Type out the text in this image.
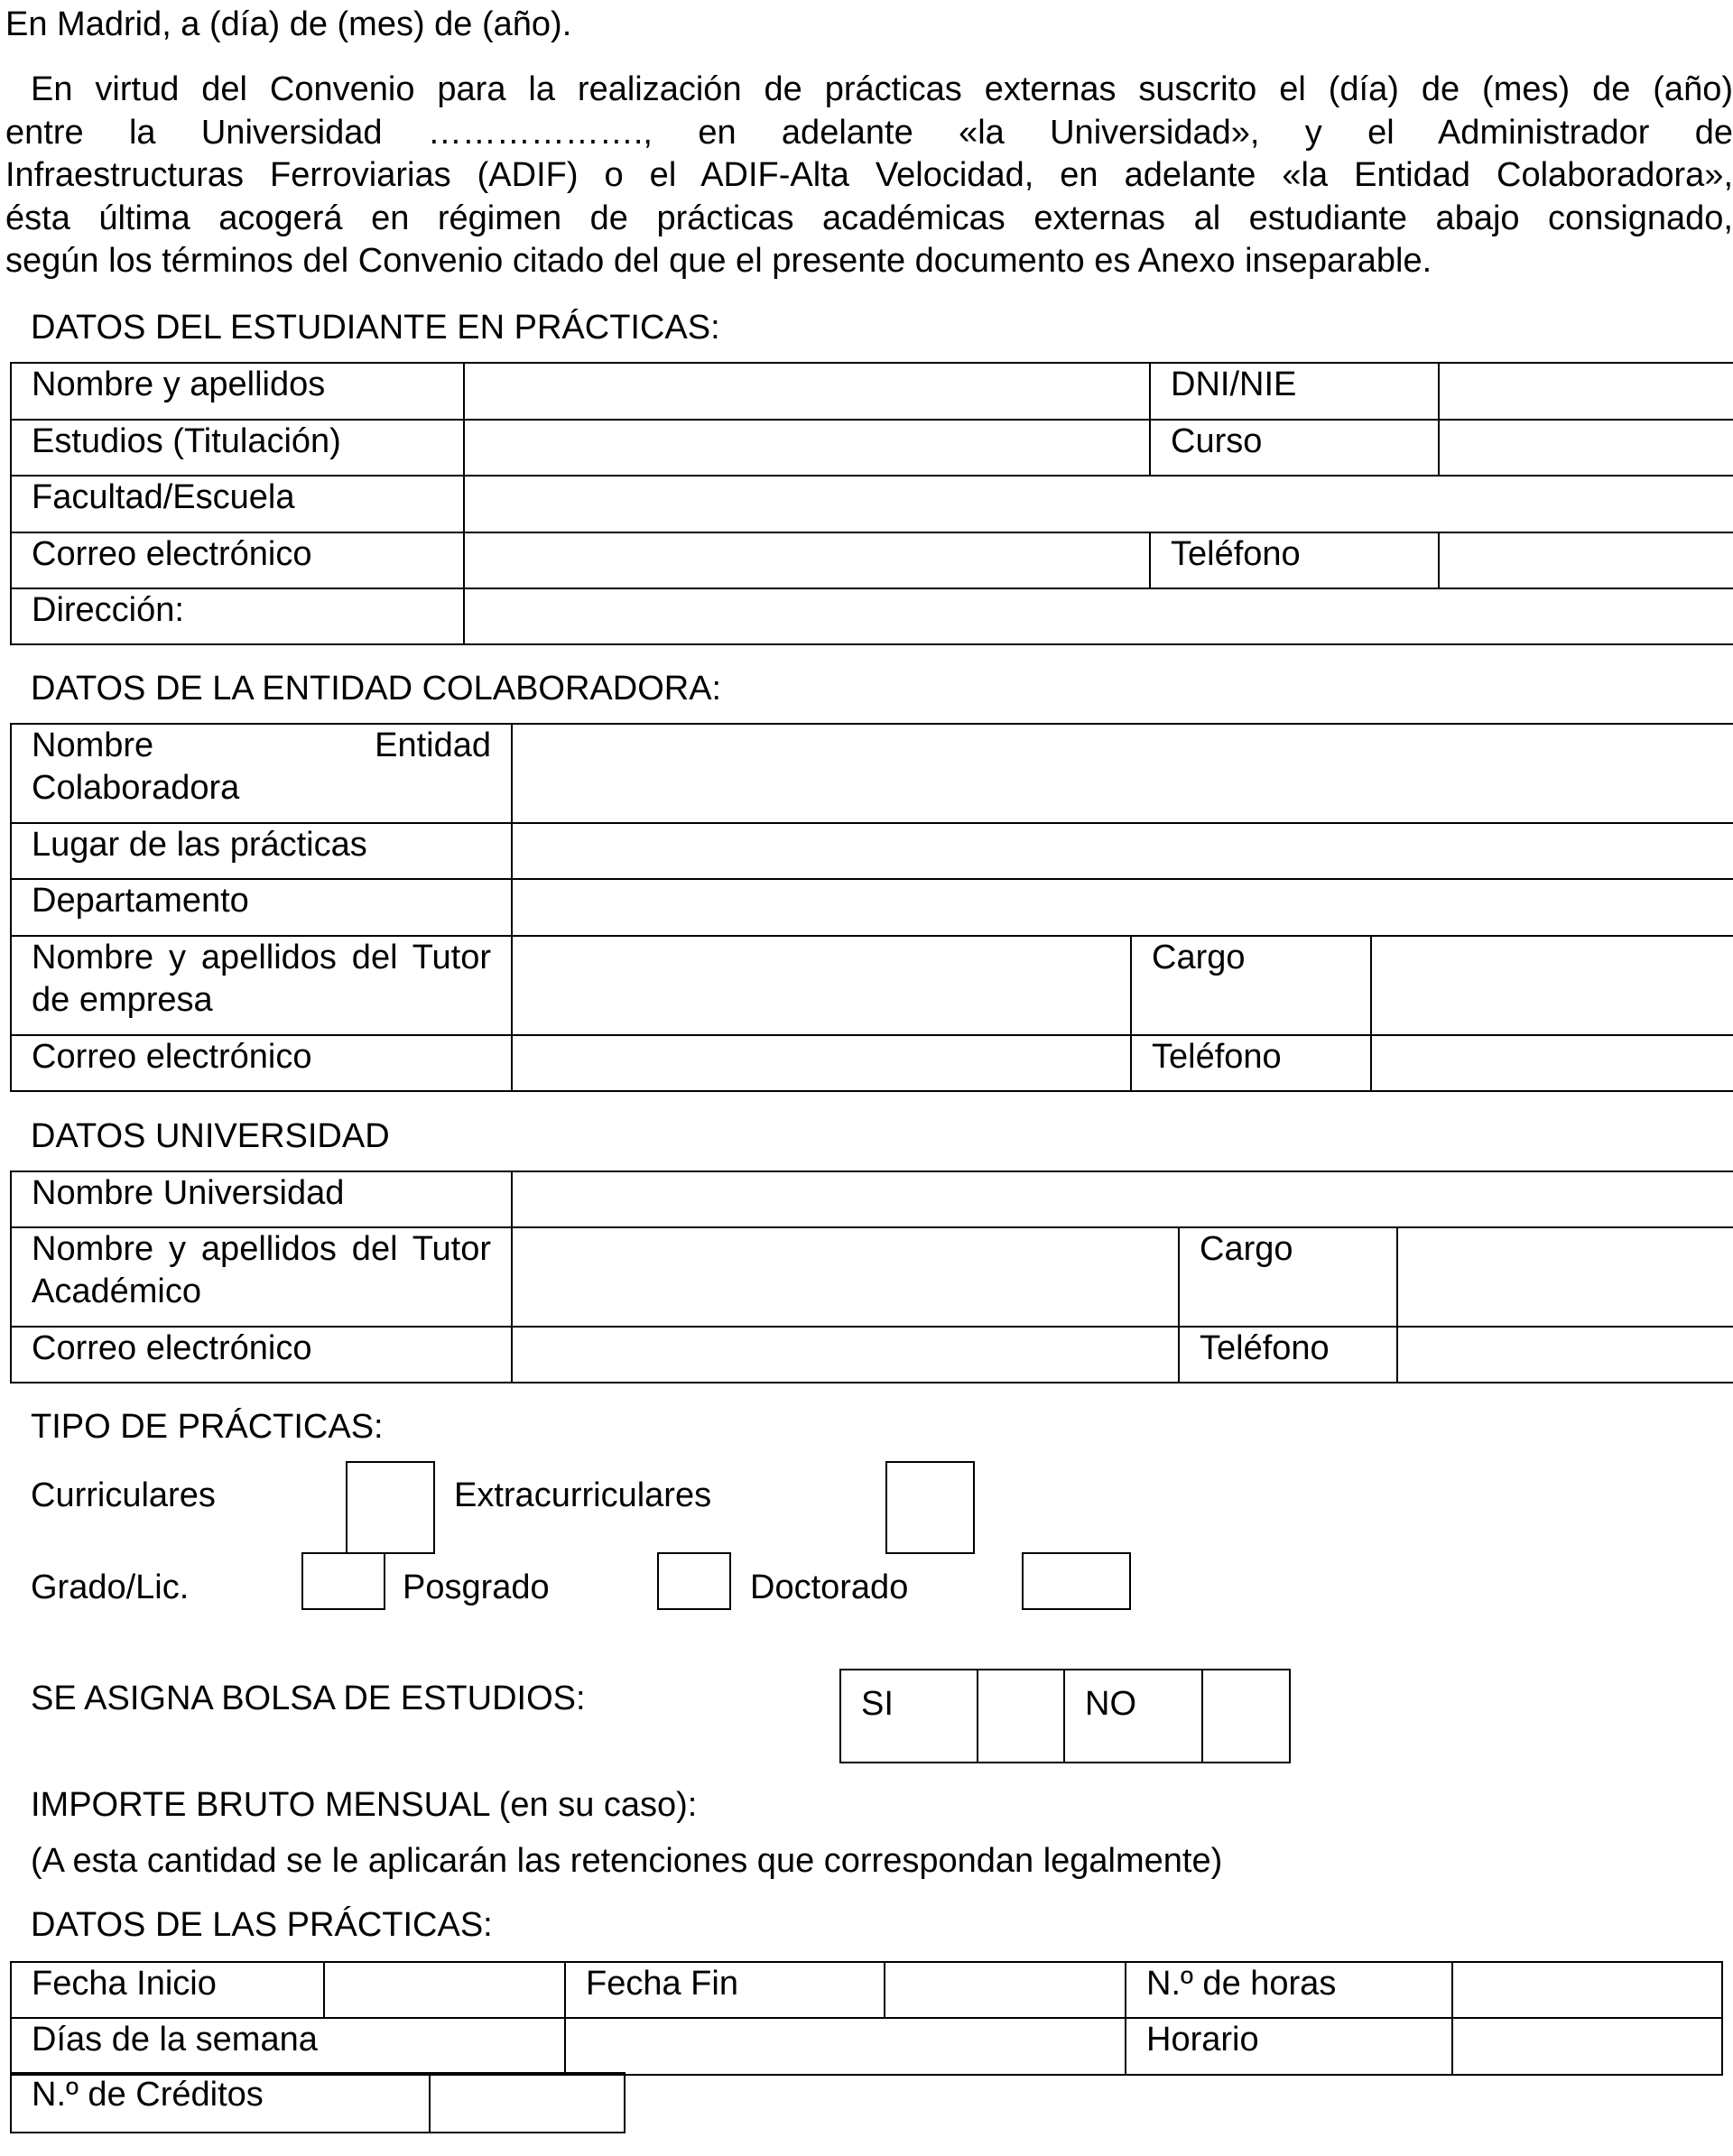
En Madrid, a (día) de (mes) de (año).
En virtud del Convenio para la realización de prácticas externas suscrito el (día) de (mes) de (año)
entre la Universidad ………………., en adelante «la Universidad», y el Administrador de
Infraestructuras Ferroviarias (ADIF) o el ADIF-Alta Velocidad, en adelante «la Entidad Colaboradora»,
ésta última acogerá en régimen de prácticas académicas externas al estudiante abajo consignado,
según los términos del Convenio citado del que el presente documento es Anexo inseparable.
DATOS DEL ESTUDIANTE EN PRÁCTICAS:
Nombre y apellidos		DNI/NIE	
Estudios (Titulación)		Curso	
Facultad/Escuela			
Correo electrónico		Teléfono	
Dirección:			
DATOS DE LA ENTIDAD COLABORADORA:
Nombre Entidad Colaboradora			
Lugar de las prácticas			
Departamento			
Nombre y apellidos del Tutor de empresa		Cargo	
Correo electrónico		Teléfono	
DATOS UNIVERSIDAD
Nombre Universidad			
Nombre y apellidos del Tutor Académico		Cargo	
Correo electrónico		Teléfono	
TIPO DE PRÁCTICAS:
Curriculares	Extracurriculares
Grado/Lic.	Posgrado	Doctorado
SE ASIGNA BOLSA DE ESTUDIOS:	SI		NO	
IMPORTE BRUTO MENSUAL (en su caso):
(A esta cantidad se le aplicarán las retenciones que correspondan legalmente)
DATOS DE LAS PRÁCTICAS:
Fecha Inicio		Fecha Fin		N.º de horas	
Días de la semana				Horario	
N.º de Créditos	
